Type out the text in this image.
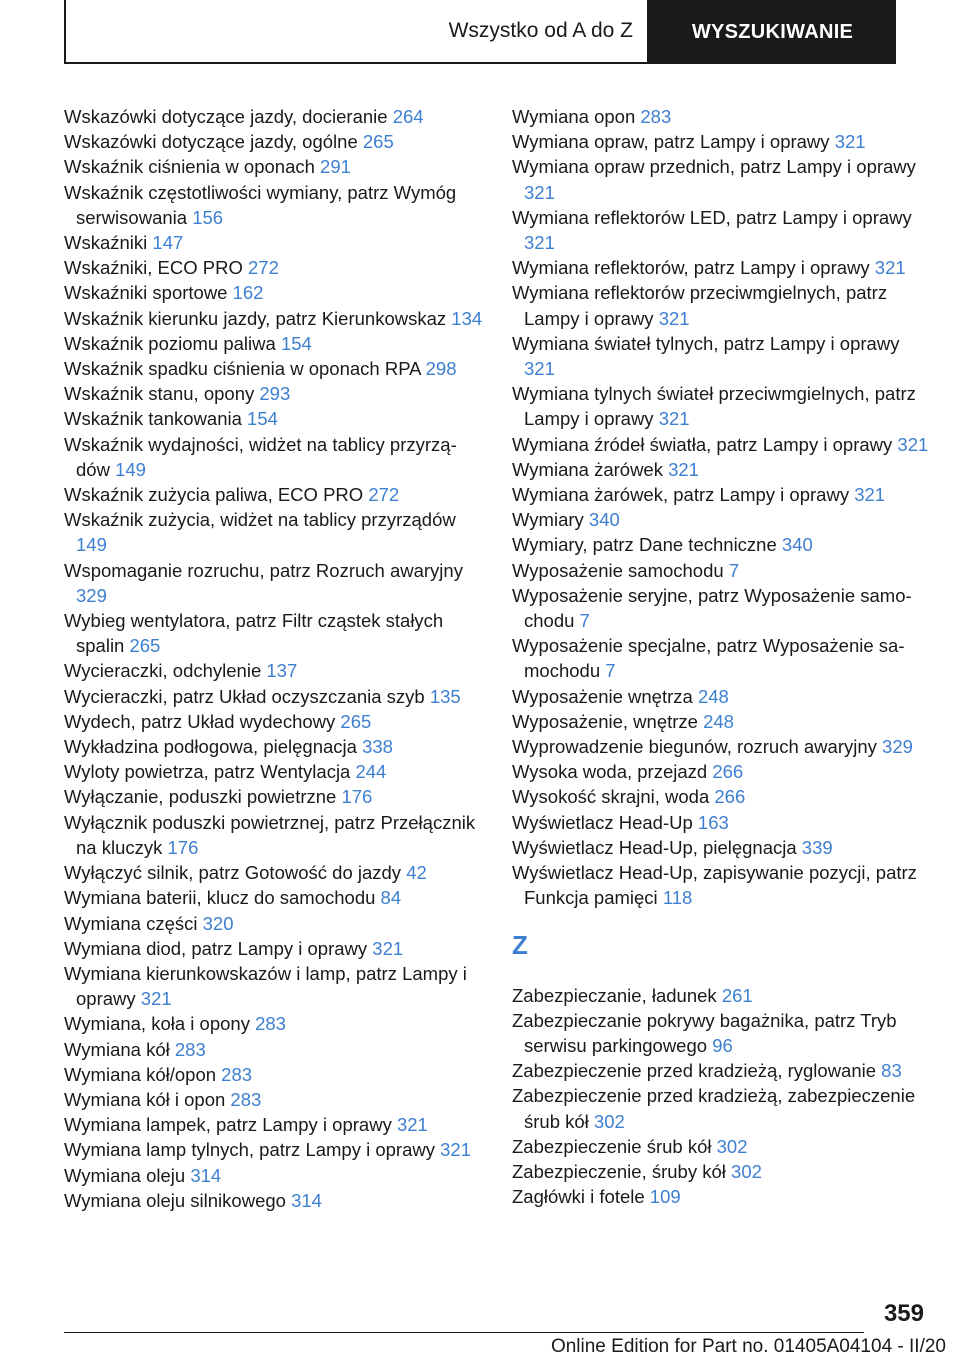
Wszystko od A do Z	WYSZUKIWANIE

Wskazówki dotyczące jazdy, docieranie 264

Wskazówki dotyczące jazdy, ogólne 265

Wskaźnik ciśnienia w oponach 291

Wskaźnik częstotliwości wymiany, patrz Wymóg serwisowania 156

Wskaźniki 147

Wskaźniki, ECO PRO 272

Wskaźniki sportowe 162

Wskaźnik kierunku jazdy, patrz Kierunkowskaz 134

Wskaźnik poziomu paliwa 154

Wskaźnik spadku ciśnienia w oponach RPA 298

Wskaźnik stanu, opony 293

Wskaźnik tankowania 154

Wskaźnik wydajności, widżet na tablicy przyrządów 149

Wskaźnik zużycia paliwa, ECO PRO 272

Wskaźnik zużycia, widżet na tablicy przyrządów 149

Wspomaganie rozruchu, patrz Rozruch awaryjny 329

Wybieg wentylatora, patrz Filtr cząstek stałych spalin 265

Wycieraczki, odchylenie 137

Wycieraczki, patrz Układ oczyszczania szyb 135

Wydech, patrz Układ wydechowy 265

Wykładzina podłogowa, pielęgnacja 338

Wyloty powietrza, patrz Wentylacja 244

Wyłączanie, poduszki powietrzne 176

Wyłącznik poduszki powietrznej, patrz Przełącznik na kluczyk 176

Wyłączyć silnik, patrz Gotowość do jazdy 42

Wymiana baterii, klucz do samochodu 84

Wymiana części 320

Wymiana diod, patrz Lampy i oprawy 321

Wymiana kierunkowskazów i lamp, patrz Lampy i oprawy 321

Wymiana, koła i opony 283

Wymiana kół 283

Wymiana kół/opon 283

Wymiana kół i opon 283

Wymiana lampek, patrz Lampy i oprawy 321

Wymiana lamp tylnych, patrz Lampy i oprawy 321

Wymiana oleju 314

Wymiana oleju silnikowego 314

Wymiana opon 283

Wymiana opraw, patrz Lampy i oprawy 321

Wymiana opraw przednich, patrz Lampy i oprawy 321

Wymiana reflektorów LED, patrz Lampy i oprawy 321

Wymiana reflektorów, patrz Lampy i oprawy 321

Wymiana reflektorów przeciwmgielnych, patrz Lampy i oprawy 321

Wymiana świateł tylnych, patrz Lampy i oprawy 321

Wymiana tylnych świateł przeciwmgielnych, patrz Lampy i oprawy 321

Wymiana źródeł światła, patrz Lampy i oprawy 321

Wymiana żarówek 321

Wymiana żarówek, patrz Lampy i oprawy 321

Wymiary 340

Wymiary, patrz Dane techniczne 340

Wyposażenie samochodu 7

Wyposażenie seryjne, patrz Wyposażenie samochodu 7

Wyposażenie specjalne, patrz Wyposażenie samochodu 7

Wyposażenie wnętrza 248

Wyposażenie, wnętrze 248

Wyprowadzenie biegunów, rozruch awaryjny 329

Wysoka woda, przejazd 266

Wysokość skrajni, woda 266

Wyświetlacz Head-Up 163

Wyświetlacz Head-Up, pielęgnacja 339

Wyświetlacz Head-Up, zapisywanie pozycji, patrz Funkcja pamięci 118

Z

Zabezpieczanie, ładunek 261

Zabezpieczanie pokrywy bagażnika, patrz Tryb serwisu parkingowego 96

Zabezpieczenie przed kradzieżą, ryglowanie 83

Zabezpieczenie przed kradzieżą, zabezpieczenie śrub kół 302

Zabezpieczenie śrub kół 302

Zabezpieczenie, śruby kół 302

Zagłówki i fotele 109

359
Online Edition for Part no. 01405A04104 - II/20
